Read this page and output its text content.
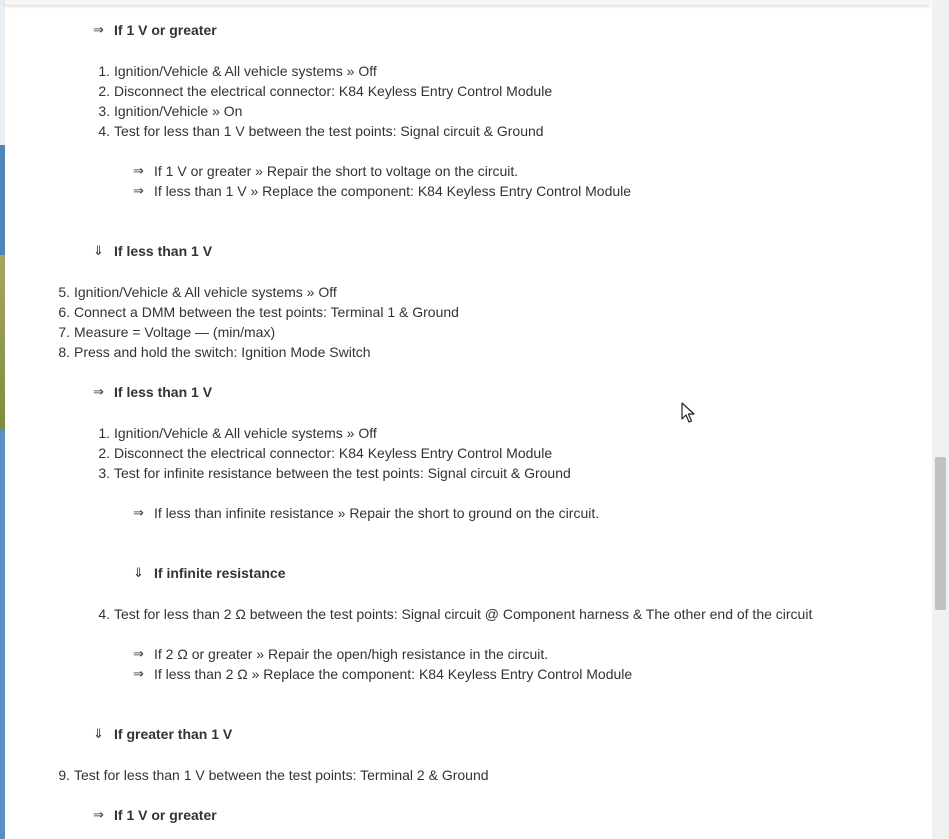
⇒ If 1 V or greater
1. Ignition/Vehicle & All vehicle systems » Off
2. Disconnect the electrical connector: K84 Keyless Entry Control Module
3. Ignition/Vehicle » On
4. Test for less than 1 V between the test points: Signal circuit & Ground
⇒ If 1 V or greater » Repair the short to voltage on the circuit.
⇒ If less than 1 V » Replace the component: K84 Keyless Entry Control Module
⇓ If less than 1 V
5. Ignition/Vehicle & All vehicle systems » Off
6. Connect a DMM between the test points: Terminal 1 & Ground
7. Measure = Voltage — (min/max)
8. Press and hold the switch: Ignition Mode Switch
⇒ If less than 1 V
1. Ignition/Vehicle & All vehicle systems » Off
2. Disconnect the electrical connector: K84 Keyless Entry Control Module
3. Test for infinite resistance between the test points: Signal circuit & Ground
⇒ If less than infinite resistance » Repair the short to ground on the circuit.
⇓ If infinite resistance
4. Test for less than 2 Ω between the test points: Signal circuit @ Component harness & The other end of the circuit
⇒ If 2 Ω or greater » Repair the open/high resistance in the circuit.
⇒ If less than 2 Ω » Replace the component: K84 Keyless Entry Control Module
⇓ If greater than 1 V
9. Test for less than 1 V between the test points: Terminal 2 & Ground
⇒ If 1 V or greater
